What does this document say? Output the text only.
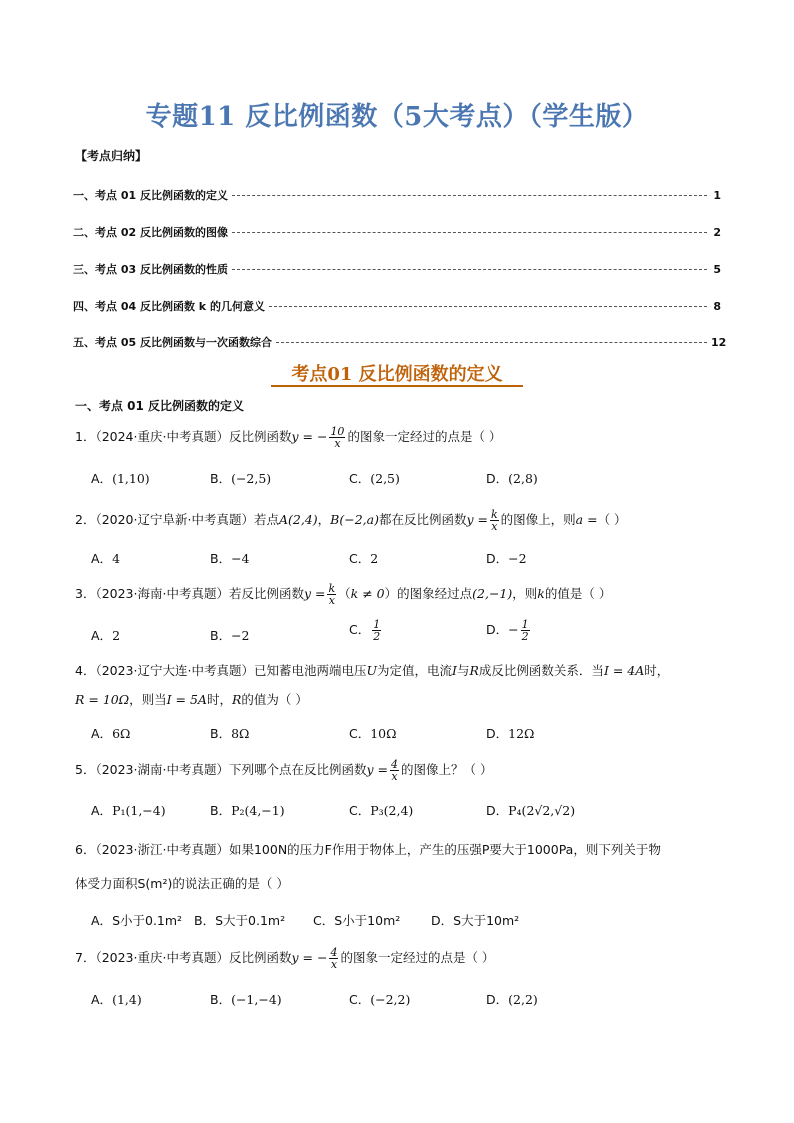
专题11 反比例函数（5大考点）（学生版）
【考点归纳】
一、考点 01 反比例函数的定义	1
二、考点 02 反比例函数的图像	2
三、考点 03 反比例函数的性质	5
四、考点 04 反比例函数 k 的几何意义	8
五、考点 05 反比例函数与一次函数综合	12
考点01 反比例函数的定义
一、考点 01 反比例函数的定义
1．（2024·重庆·中考真题）反比例函数y = − $\frac{10}{x}$ 的图象一定经过的点是（ ）
A．(1,10)	B．(−2,5)	C．(2,5)	D．(2,8)
2．（2020·辽宁阜新·中考真题）若点A(2,4)，B(−2,a)都在反比例函数$y = \frac{k}{x}$ 的图像上，则a =（ ）
A．4	B．−4	C．2	D．−2
3．（2023·海南·中考真题）若反比例函数$y = \frac{k}{x} (k \ne 0)$的图象经过点(2,−1)，则k的值是（ ）
A．2	B．−2	C． $\frac{1}{2}$	D．− $\frac{1}{2}$
4．（2023·辽宁大连·中考真题）已知蓄电池两端电压U为定值，电流I与R成反比例函数关系．当I = 4A时，
R = 10Ω，则当I = 5A时，R的值为（ ）
A．6Ω	B．8Ω	C．10Ω	D．12Ω
5．（2023·湖南·中考真题）下列哪个点在反比例函数$y = \frac{4}{x}$ 的图像上？（ ）
A．P₁(1,−4)	B．P₂(4,−1)	C．P₃(2,4)	D．P₄(2√2,√2)
6．（2023·浙江·中考真题）如果100N的压力F作用于物体上，产生的压强P要大于1000Pa，则下列关于物
体受力面积S(m²)的说法正确的是（ ）
A．S小于0.1m² B．S大于0.1m² C．S小于10m² D．S大于10m²
7．（2023·重庆·中考真题）反比例函数y = − $\frac{4}{x}$ 的图象一定经过的点是（ ）
A．(1,4)	B．(−1,−4)	C．(−2,2)	D．(2,2)
